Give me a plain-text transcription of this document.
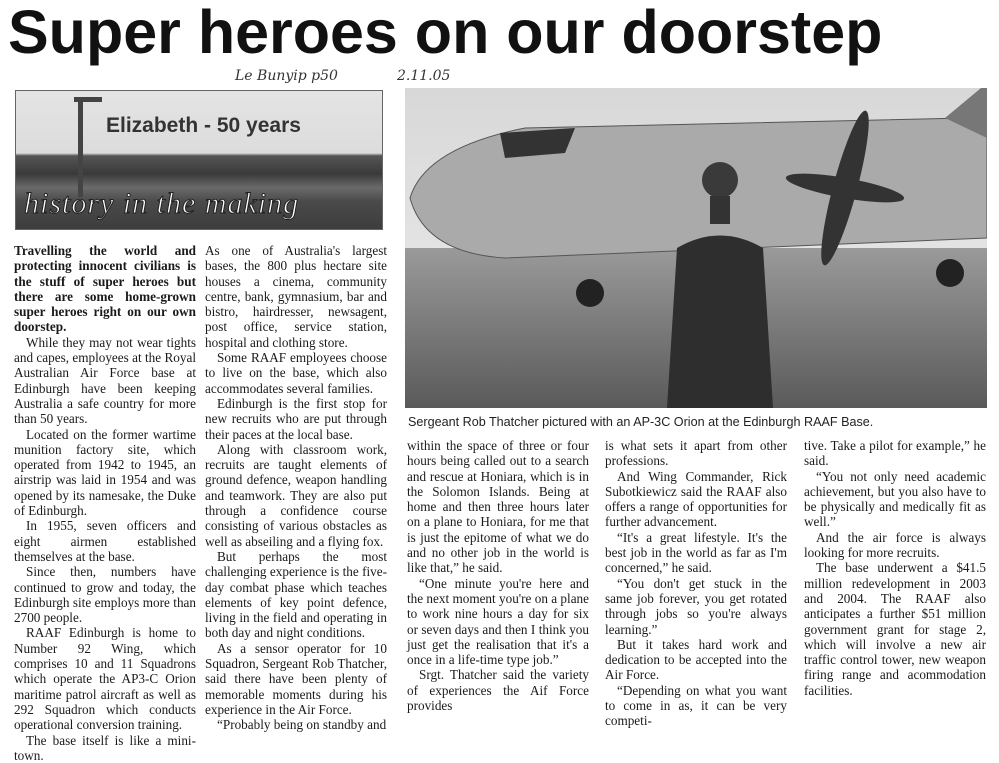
Super heroes on our doorstep
Le Bunyip p50	2.11.05
Elizabeth - 50 years
history in the making
Sergeant Rob Thatcher pictured with an AP-3C Orion at the Edinburgh RAAF Base.

Travelling the world and protecting innocent civilians is the stuff of super heroes but there are some home-grown super heroes right on our own doorstep.

While they may not wear tights and capes, employees at the Royal Australian Air Force base at Edinburgh have been keeping Australia a safe country for more than 50 years.

Located on the former wartime munition factory site, which operated from 1942 to 1945, an airstrip was laid in 1954 and was opened by its namesake, the Duke of Edinburgh.

In 1955, seven officers and eight airmen established themselves at the base.

Since then, numbers have continued to grow and today, the Edinburgh site employs more than 2700 people.

RAAF Edinburgh is home to Number 92 Wing, which comprises 10 and 11 Squadrons which operate the AP3-C Orion maritime patrol aircraft as well as 292 Squadron which conducts operational conversion training.

The base itself is like a mini-town.

As one of Australia's largest bases, the 800 plus hectare site houses a cinema, community centre, bank, gymnasium, bar and bistro, hairdresser, newsagent, post office, service station, hospital and clothing store.

Some RAAF employees choose to live on the base, which also accommodates several families.

Edinburgh is the first stop for new recruits who are put through their paces at the local base.

Along with classroom work, recruits are taught elements of ground defence, weapon handling and teamwork. They are also put through a confidence course consisting of various obstacles as well as abseiling and a flying fox.

But perhaps the most challenging experience is the five-day combat phase which teaches elements of key point defence, living in the field and operating in both day and night conditions.

As a sensor operator for 10 Squadron, Sergeant Rob Thatcher, said there have been plenty of memorable moments during his experience in the Air Force.

“Probably being on standby and

within the space of three or four hours being called out to a search and rescue at Honiara, which is in the Solomon Islands. Being at home and then three hours later on a plane to Honiara, for me that is just the epitome of what we do and no other job in the world is like that,” he said.

“One minute you're here and the next moment you're on a plane to work nine hours a day for six or seven days and then I think you just get the realisation that it's a once in a life-time type job.”

Srgt. Thatcher said the variety of experiences the Aif Force provides

is what sets it apart from other professions.

And Wing Commander, Rick Subotkiewicz said the RAAF also offers a range of opportunities for further advancement.

“It's a great lifestyle. It's the best job in the world as far as I'm concerned,” he said.

“You don't get stuck in the same job forever, you get rotated through jobs so you're always learning.”

But it takes hard work and dedication to be accepted into the Air Force.

“Depending on what you want to come in as, it can be very competi-

tive. Take a pilot for example,” he said.

“You not only need academic achievement, but you also have to be physically and medically fit as well.”

And the air force is always looking for more recruits.

The base underwent a $41.5 million redevelopment in 2003 and 2004. The RAAF also anticipates a further $51 million government grant for stage 2, which will involve a new air traffic control tower, new weapon firing range and acommodation facilities.
